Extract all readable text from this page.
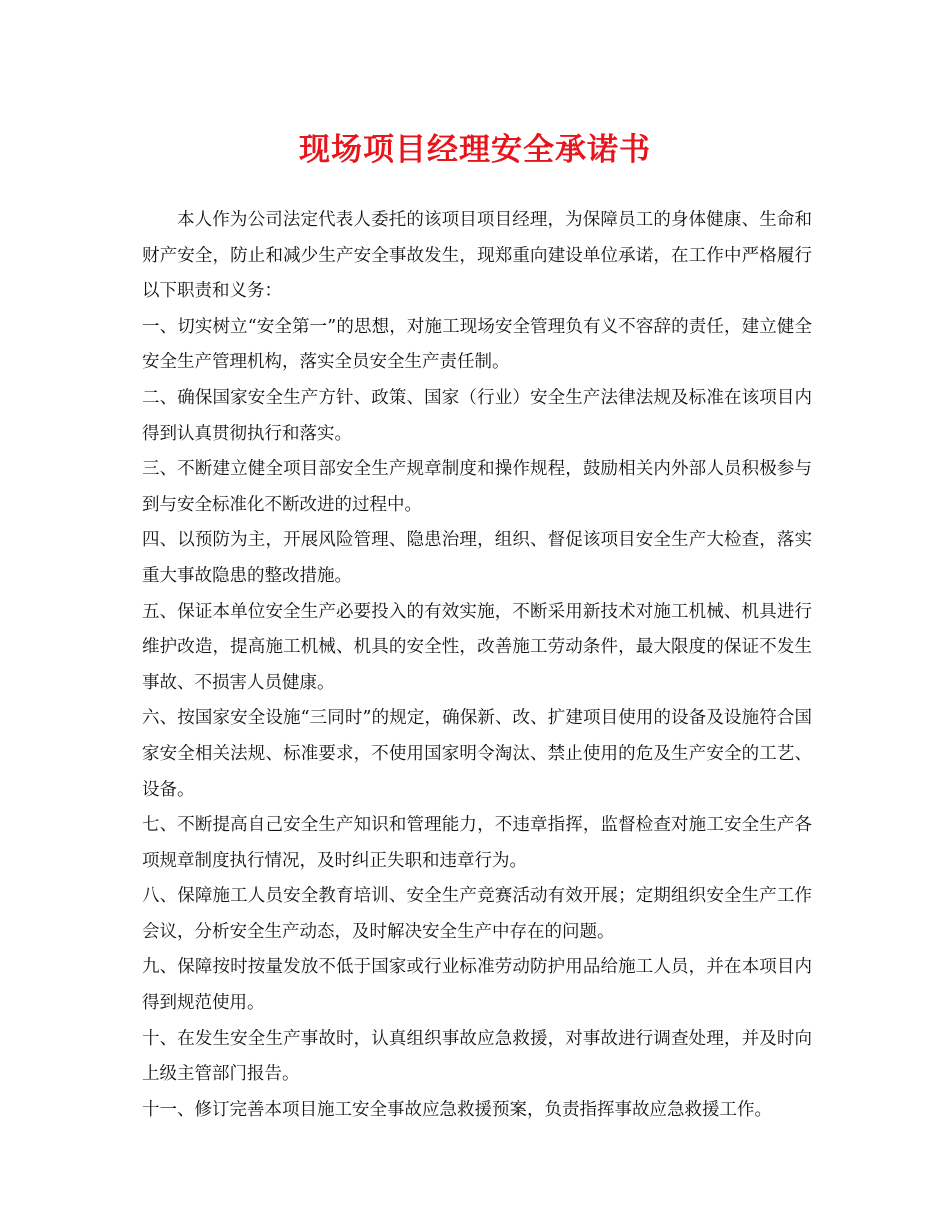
现场项目经理安全承诺书

本人作为公司法定代表人委托的该项目项目经理，为保障员工的身体健康、生命和财产安全，防止和减少生产安全事故发生，现郑重向建设单位承诺，在工作中严格履行以下职责和义务：

一、切实树立“安全第一”的思想，对施工现场安全管理负有义不容辞的责任，建立健全安全生产管理机构，落实全员安全生产责任制。

二、确保国家安全生产方针、政策、国家（行业）安全生产法律法规及标准在该项目内得到认真贯彻执行和落实。

三、不断建立健全项目部安全生产规章制度和操作规程，鼓励相关内外部人员积极参与到与安全标准化不断改进的过程中。

四、以预防为主，开展风险管理、隐患治理，组织、督促该项目安全生产大检查，落实重大事故隐患的整改措施。

五、保证本单位安全生产必要投入的有效实施，不断采用新技术对施工机械、机具进行维护改造，提高施工机械、机具的安全性，改善施工劳动条件，最大限度的保证不发生事故、不损害人员健康。

六、按国家安全设施“三同时”的规定，确保新、改、扩建项目使用的设备及设施符合国家安全相关法规、标准要求，不使用国家明令淘汰、禁止使用的危及生产安全的工艺、设备。

七、不断提高自己安全生产知识和管理能力，不违章指挥，监督检查对施工安全生产各项规章制度执行情况，及时纠正失职和违章行为。

八、保障施工人员安全教育培训、安全生产竞赛活动有效开展；定期组织安全生产工作会议，分析安全生产动态，及时解决安全生产中存在的问题。

九、保障按时按量发放不低于国家或行业标准劳动防护用品给施工人员，并在本项目内得到规范使用。

十、在发生安全生产事故时，认真组织事故应急救援，对事故进行调查处理，并及时向上级主管部门报告。

十一、修订完善本项目施工安全事故应急救援预案，负责指挥事故应急救援工作。
